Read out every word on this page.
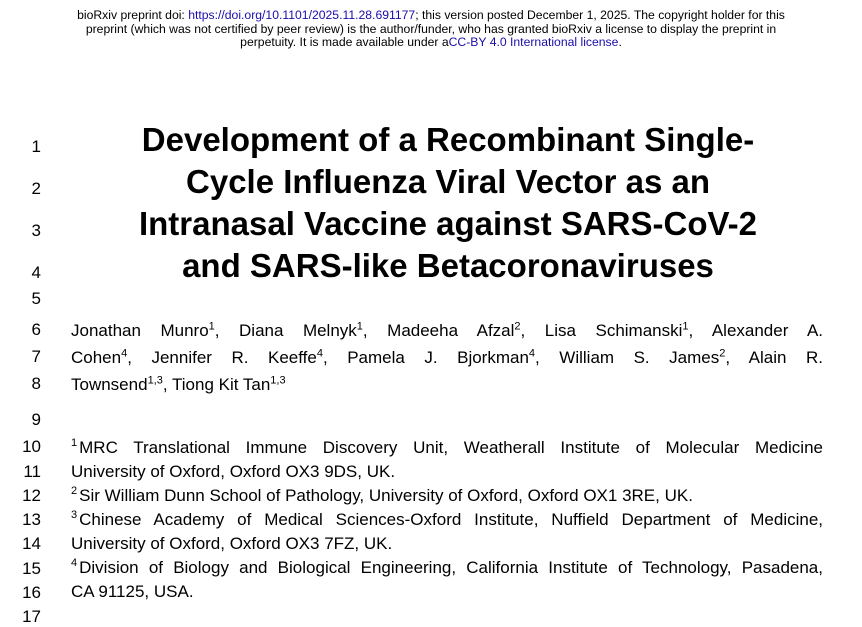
bioRxiv preprint doi: https://doi.org/10.1101/2025.11.28.691177; this version posted December 1, 2025. The copyright holder for this
preprint (which was not certified by peer review) is the author/funder, who has granted bioRxiv a license to display the preprint in
perpetuity. It is made available under aCC-BY 4.0 International license.
1
2
3
4
5
6
7
8
9
10
11
12
13
14
15
16
17
Development of a Recombinant Single-
Cycle Influenza Viral Vector as an
Intranasal Vaccine against SARS-CoV-2
and SARS-like Betacoronaviruses
Jonathan Munro$^1$, Diana Melnyk$^1$, Madeeha Afzal$^2$, Lisa Schimanski$^1$, Alexander A.
Cohen$^4$, Jennifer R. Keeffe$^4$, Pamela J. Bjorkman$^4$, William S. James$^2$, Alain R.
Townsend$^{1,3}$, Tiong Kit Tan$^{1,3}$
$^1$ MRC Translational Immune Discovery Unit, Weatherall Institute of Molecular Medicine
University of Oxford, Oxford OX3 9DS, UK.
$^2$ Sir William Dunn School of Pathology, University of Oxford, Oxford OX1 3RE, UK.
$^3$ Chinese Academy of Medical Sciences-Oxford Institute, Nuffield Department of Medicine,
University of Oxford, Oxford OX3 7FZ, UK.
$^4$ Division of Biology and Biological Engineering, California Institute of Technology, Pasadena,
CA 91125, USA.
